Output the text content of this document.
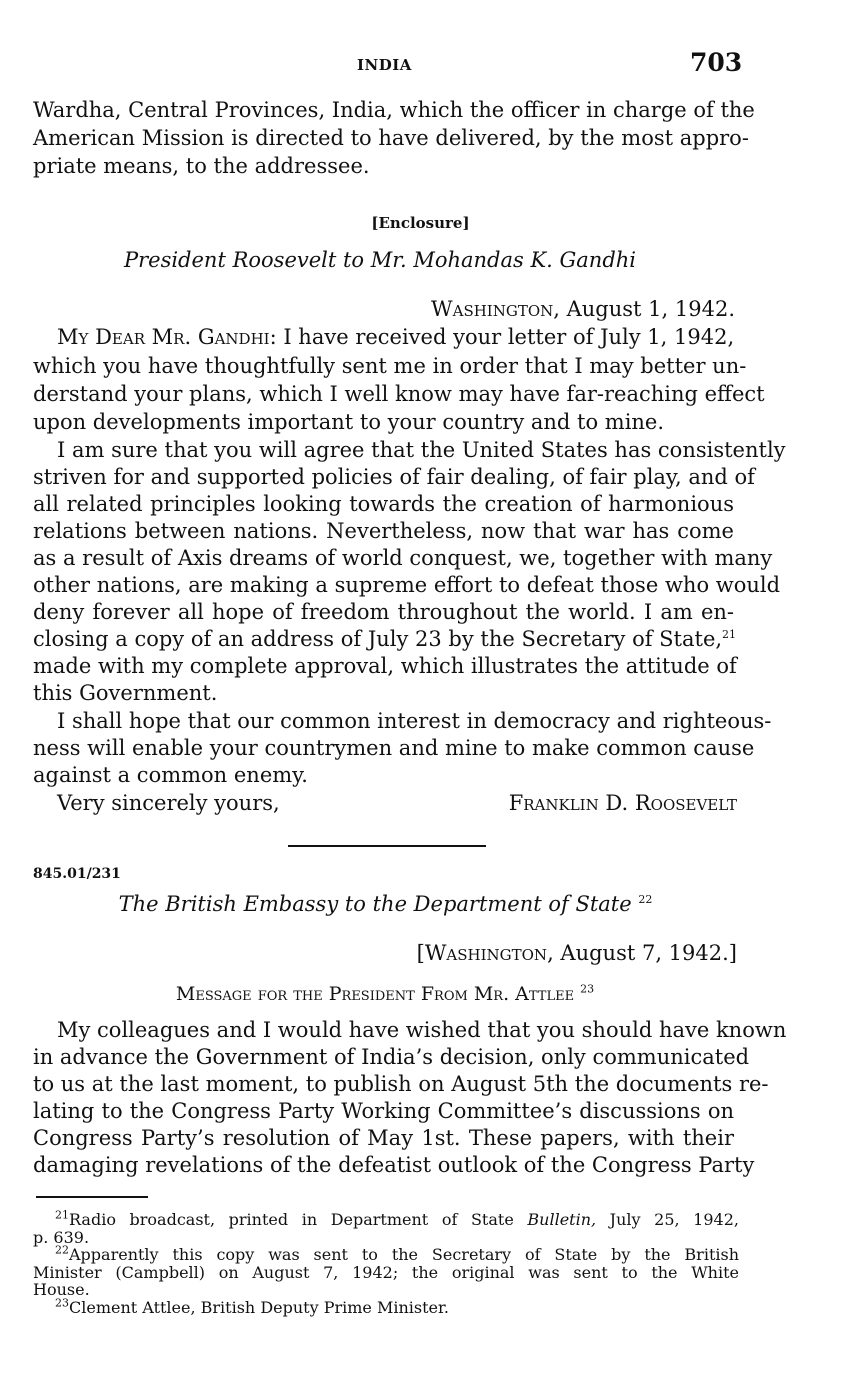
INDIA	703
Wardha, Central Provinces, India, which the officer in charge of the
American Mission is directed to have delivered, by the most appro-
priate means, to the addressee.
[Enclosure]
President Roosevelt to Mr. Mohandas K. Gandhi
Washington, August 1, 1942.
My Dear Mr. Gandhi: I have received your letter of July 1, 1942,
which you have thoughtfully sent me in order that I may better un-
derstand your plans, which I well know may have far-reaching effect
upon developments important to your country and to mine.
I am sure that you will agree that the United States has consistently
striven for and supported policies of fair dealing, of fair play, and of
all related principles looking towards the creation of harmonious
relations between nations. Nevertheless, now that war has come
as a result of Axis dreams of world conquest, we, together with many
other nations, are making a supreme effort to defeat those who would
deny forever all hope of freedom throughout the world. I am en-
closing a copy of an address of July 23 by the Secretary of State,$^{21}$
made with my complete approval, which illustrates the attitude of
this Government.
I shall hope that our common interest in democracy and righteous-
ness will enable your countrymen and mine to make common cause
against a common enemy.
Very sincerely yours,	Franklin D. Roosevelt
845.01/231
The British Embassy to the Department of State $^{22}$
[Washington, August 7, 1942.]
Message for the President From Mr. Attlee $^{23}$
My colleagues and I would have wished that you should have known
in advance the Government of India’s decision, only communicated
to us at the last moment, to publish on August 5th the documents re-
lating to the Congress Party Working Committee’s discussions on
Congress Party’s resolution of May 1st. These papers, with their
damaging revelations of the defeatist outlook of the Congress Party
$^{21}$Radio broadcast, printed in Department of State Bulletin, July 25, 1942,
p. 639.
$^{22}$Apparently this copy was sent to the Secretary of State by the British
Minister (Campbell) on August 7, 1942; the original was sent to the White
House.
$^{23}$Clement Attlee, British Deputy Prime Minister.
